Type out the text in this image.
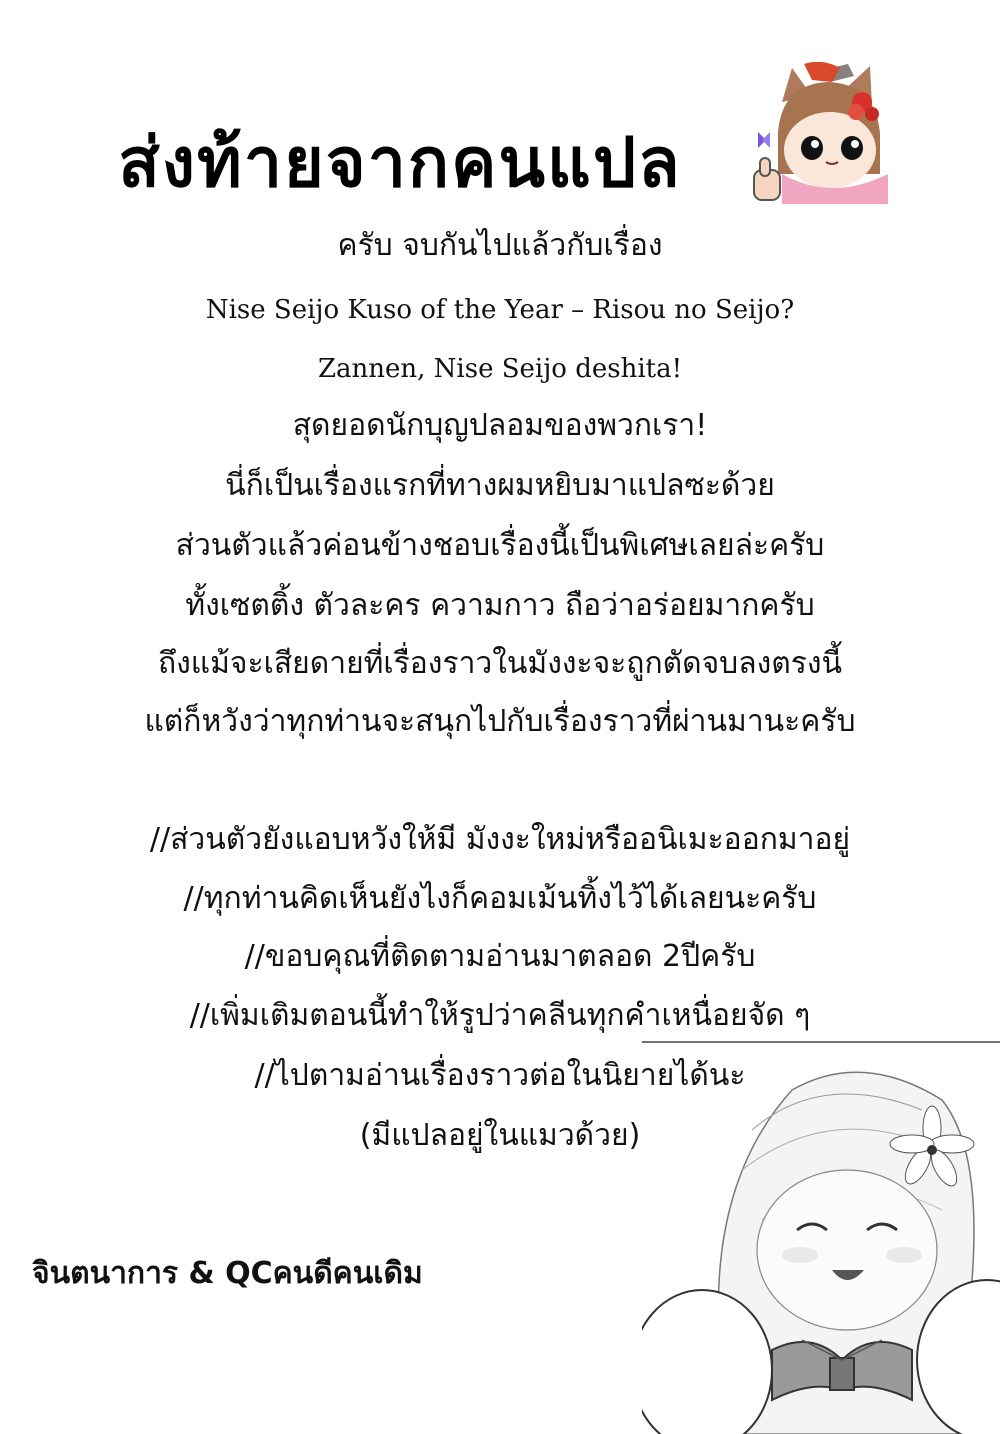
ส่งท้ายจากคนแปล
ครับ จบกันไปแล้วกับเรื่อง
Nise Seijo Kuso of the Year – Risou no Seijo?
Zannen, Nise Seijo deshita!
สุดยอดนักบุญปลอมของพวกเรา!
นี่ก็เป็นเรื่องแรกที่ทางผมหยิบมาแปลซะด้วย
ส่วนตัวแล้วค่อนข้างชอบเรื่องนี้เป็นพิเศษเลยล่ะครับ
ทั้งเซตติ้ง ตัวละคร ความกาว ถือว่าอร่อยมากครับ
ถึงแม้จะเสียดายที่เรื่องราวในมังงะจะถูกตัดจบลงตรงนี้
แต่ก็หวังว่าทุกท่านจะสนุกไปกับเรื่องราวที่ผ่านมานะครับ
//ส่วนตัวยังแอบหวังให้มี มังงะใหม่หรืออนิเมะออกมาอยู่
//ทุกท่านคิดเห็นยังไงก็คอมเม้นทิ้งไว้ได้เลยนะครับ
//ขอบคุณที่ติดตามอ่านมาตลอด 2ปีครับ
//เพิ่มเติมตอนนี้ทำให้รูปว่าคลีนทุกคำเหนื่อยจัด ๆ
//ไปตามอ่านเรื่องราวต่อในนิยายได้นะ
(มีแปลอยู่ในแมวด้วย)
จินตนาการ & QCคนดีคนเดิม
